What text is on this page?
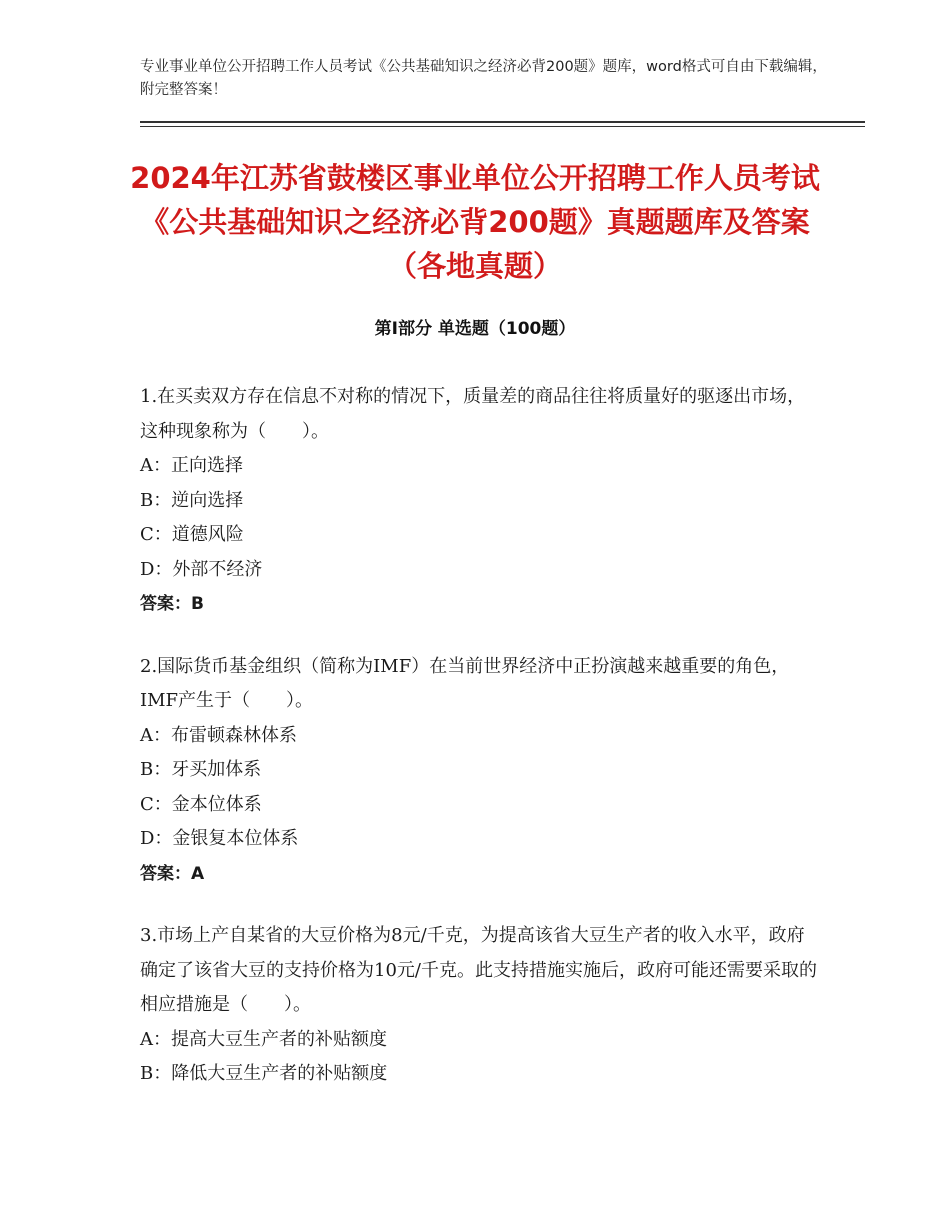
专业事业单位公开招聘工作人员考试《公共基础知识之经济必背200题》题库，word格式可自由下载编辑，附完整答案！
2024年江苏省鼓楼区事业单位公开招聘工作人员考试《公共基础知识之经济必背200题》真题题库及答案（各地真题）
第Ⅰ部分 单选题（100题）

1.在买卖双方存在信息不对称的情况下，质量差的商品往往将质量好的驱逐出市场，这种现象称为（　　）。

A：正向选择

B：逆向选择

C：道德风险

D：外部不经济

答案：B

2.国际货币基金组织（简称为IMF）在当前世界经济中正扮演越来越重要的角色，IMF产生于（　　）。

A：布雷顿森林体系

B：牙买加体系

C：金本位体系

D：金银复本位体系

答案：A

3.市场上产自某省的大豆价格为8元/千克，为提高该省大豆生产者的收入水平，政府确定了该省大豆的支持价格为10元/千克。此支持措施实施后，政府可能还需要采取的相应措施是（　　）。

A：提高大豆生产者的补贴额度

B：降低大豆生产者的补贴额度
